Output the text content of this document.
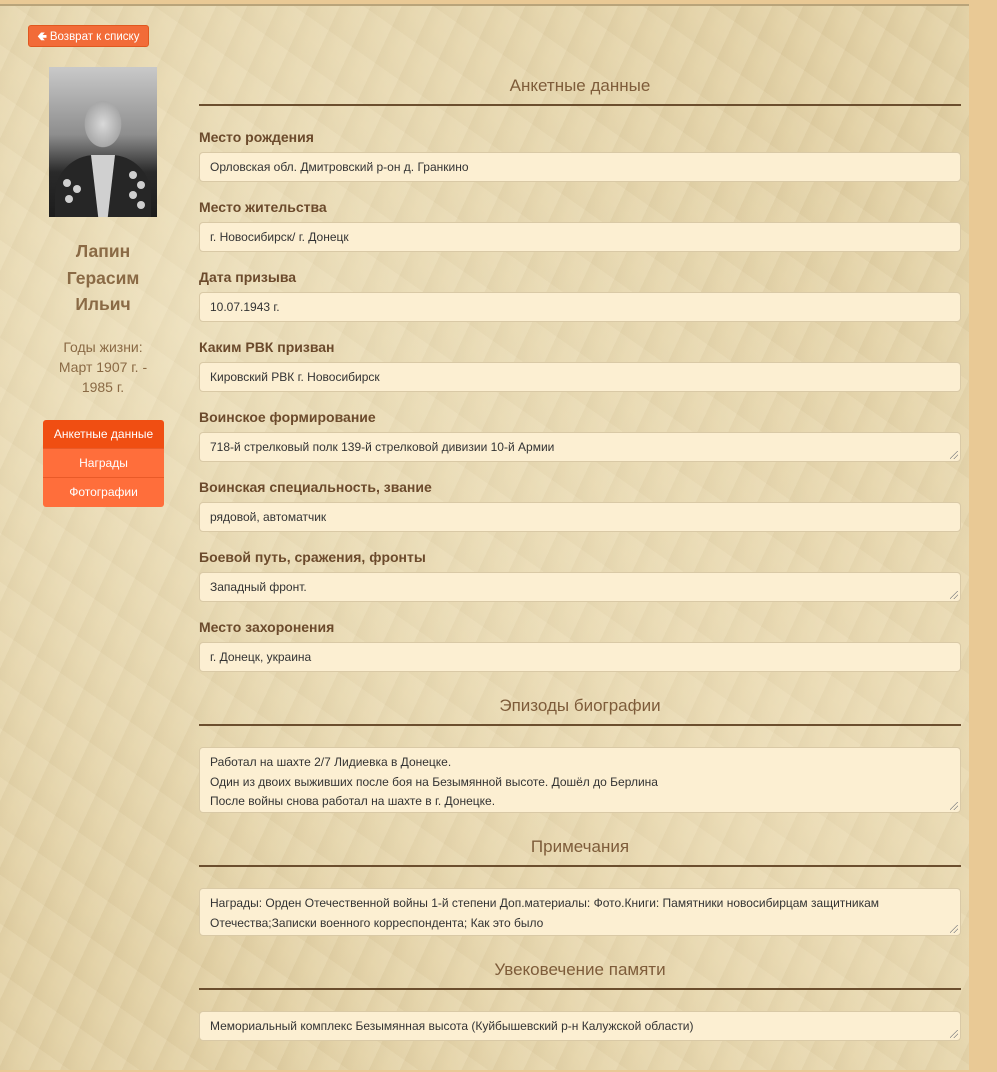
🢀 Возврат к списку
Лапин
Герасим
Ильич
Годы жизни:
Март 1907 г. -
1985 г.
Анкетные данные
Награды
Фотографии
Анкетные данные
Место рождения
Орловская обл. Дмитровский р-он д. Гранкино
Место жительства
г. Новосибирск/ г. Донецк
Дата призыва
10.07.1943 г.
Каким РВК призван
Кировский РВК г. Новосибирск
Воинское формирование
718-й стрелковый полк 139-й стрелковой дивизии 10-й Армии
Воинская специальность, звание
рядовой, автоматчик
Боевой путь, сражения, фронты
Западный фронт.
Место захоронения
г. Донецк, украина
Эпизоды биографии
Работал на шахте 2/7 Лидиевка в Донецке.
Один из двоих выживших после боя на Безымянной высоте. Дошёл до Берлина
После войны снова работал на шахте в г. Донецке.
Примечания
Награды: Орден Отечественной войны 1-й степени Доп.материалы: Фото.Книги: Памятники новосибирцам защитникам
Отечества;Записки военного корреспондента; Как это было
Увековечение памяти
Мемориальный комплекс Безымянная высота (Куйбышевский р-н Калужской области)
